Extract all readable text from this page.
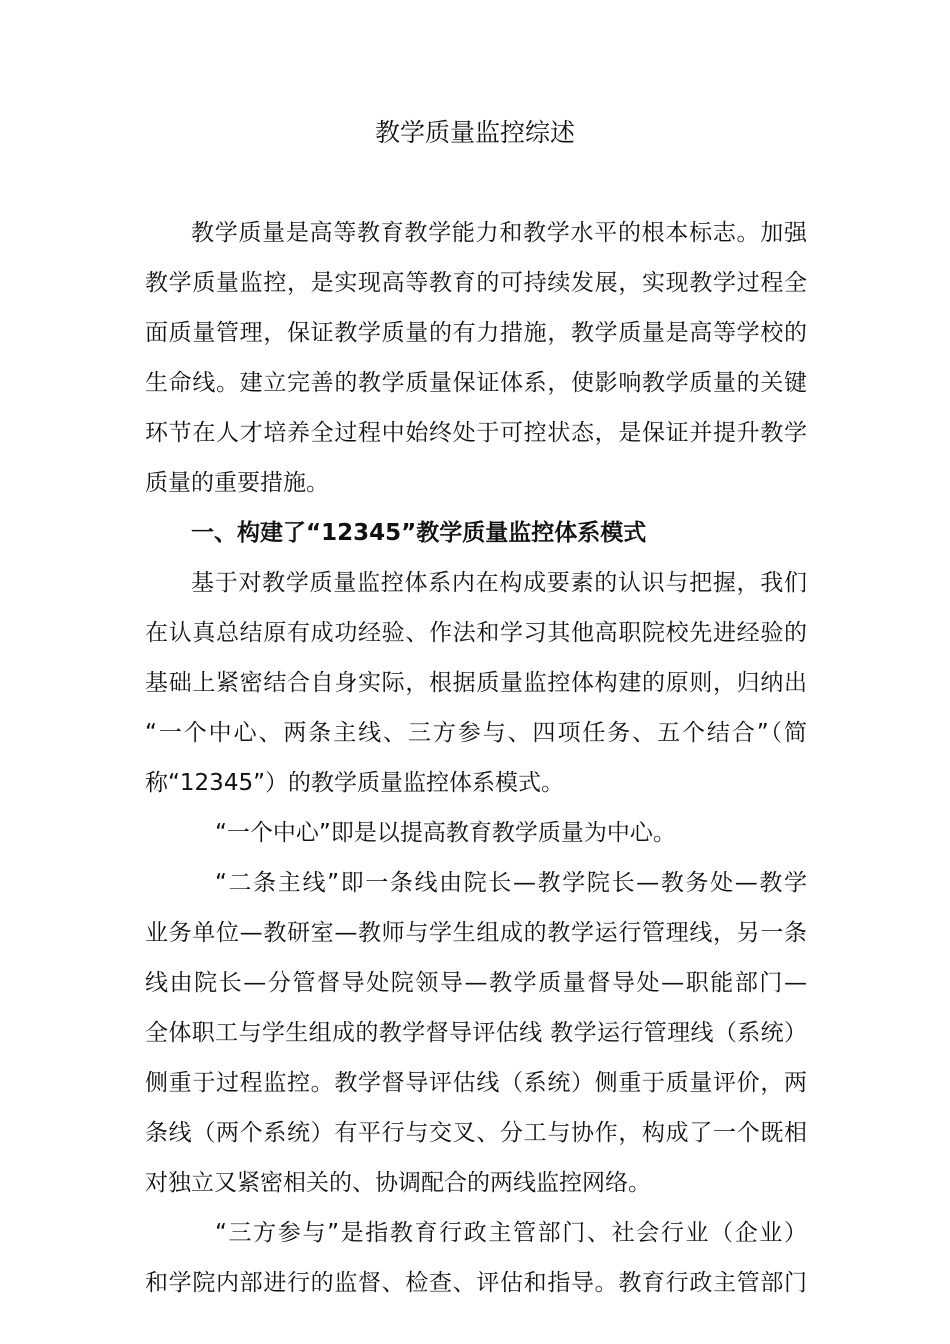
教学质量监控综述
教学质量是高等教育教学能力和教学水平的根本标志。加强
教学质量监控，是实现高等教育的可持续发展，实现教学过程全
面质量管理，保证教学质量的有力措施，教学质量是高等学校的
生命线。建立完善的教学质量保证体系，使影响教学质量的关键
环节在人才培养全过程中始终处于可控状态，是保证并提升教学
质量的重要措施。
一、构建了“12345”教学质量监控体系模式
基于对教学质量监控体系内在构成要素的认识与把握，我们
在认真总结原有成功经验、作法和学习其他高职院校先进经验的
基础上紧密结合自身实际，根据质量监控体构建的原则，归纳出
“一个中心、两条主线、三方参与、四项任务、五个结合”（简
称“12345”）的教学质量监控体系模式。
“一个中心”即是以提高教育教学质量为中心。
“二条主线”即一条线由院长—教学院长—教务处—教学
业务单位—教研室—教师与学生组成的教学运行管理线，另一条
线由院长—分管督导处院领导—教学质量督导处—职能部门—
全体职工与学生组成的教学督导评估线 教学运行管理线（系统）
侧重于过程监控。教学督导评估线（系统）侧重于质量评价，两
条线（两个系统）有平行与交叉、分工与协作，构成了一个既相
对独立又紧密相关的、协调配合的两线监控网络。
“三方参与”是指教育行政主管部门、社会行业（企业）
和学院内部进行的监督、检查、评估和指导。教育行政主管部门
